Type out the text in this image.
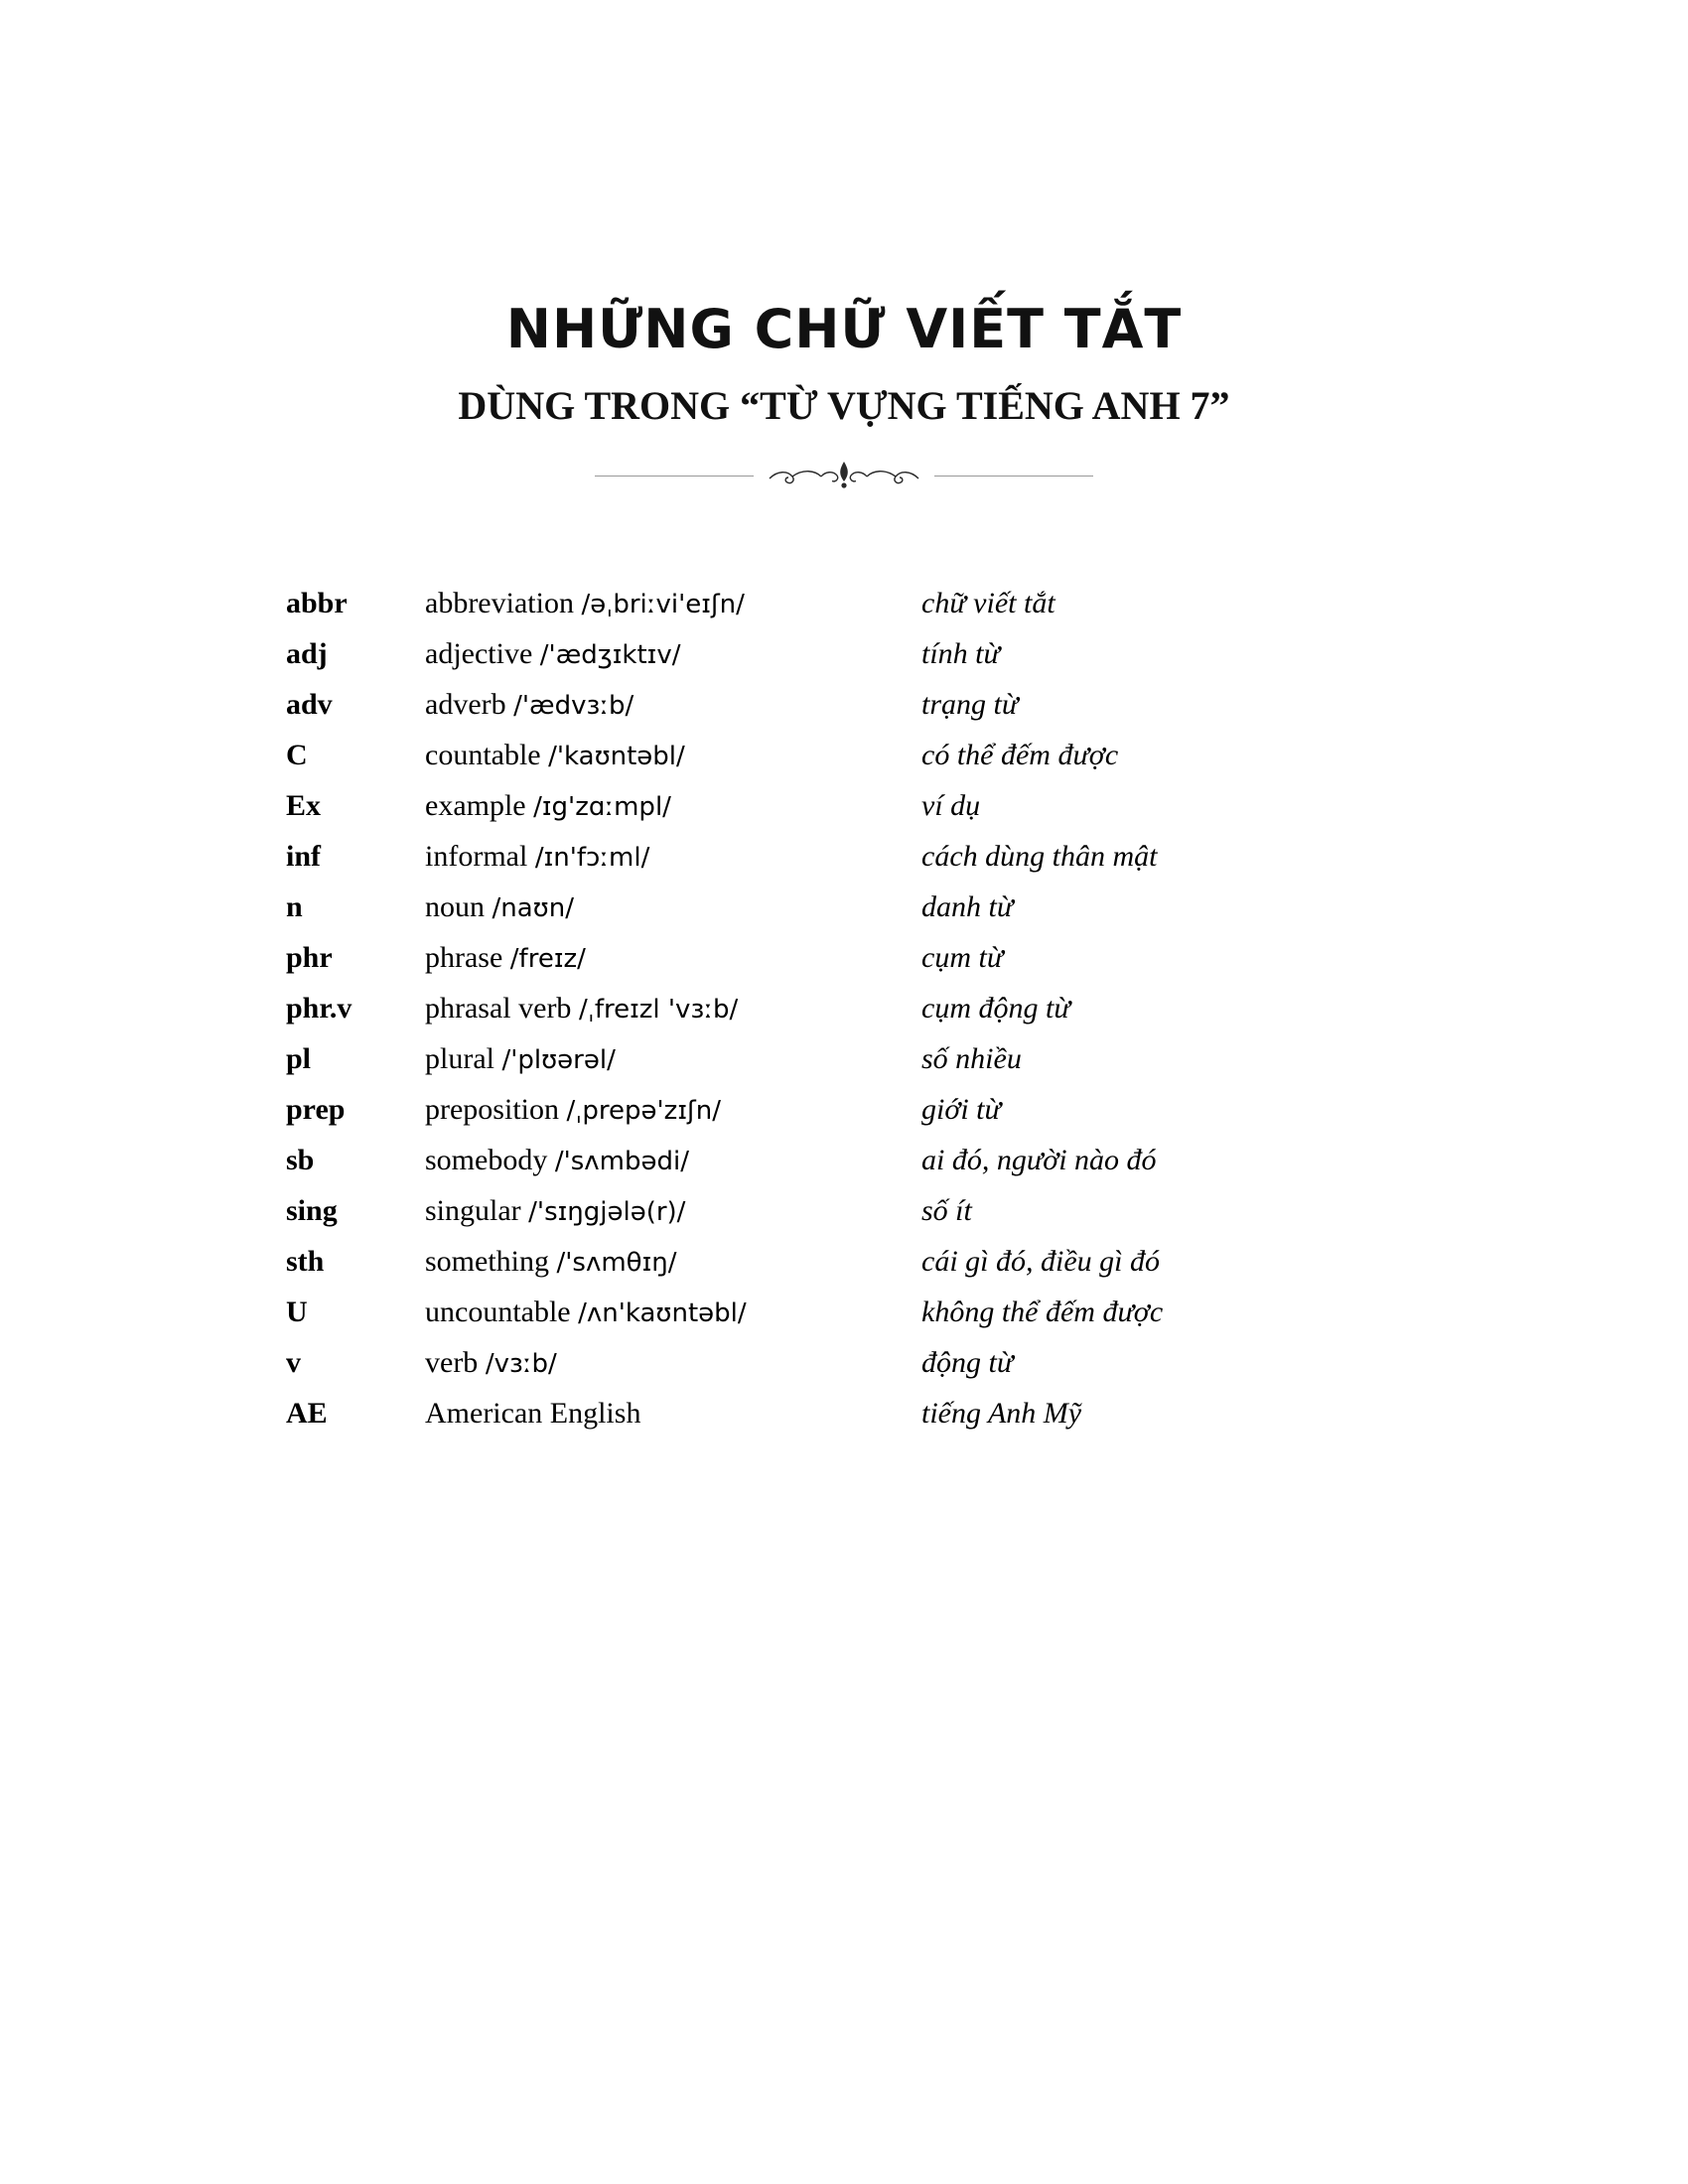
NHỮNG CHỮ VIẾT TẮT
DÙNG TRONG “TỪ VỰNG TIẾNG ANH 7”
abbr	abbreviation /əˌbriːvi'eɪʃn/	chữ viết tắt
adj	adjective /'ædʒɪktɪv/	tính từ
adv	adverb /'ædvɜːb/	trạng từ
C	countable /'kaʊntəbl/	có thể đếm được
Ex	example /ɪg'zɑːmpl/	ví dụ
inf	informal /ɪn'fɔːml/	cách dùng thân mật
n	noun /naʊn/	danh từ
phr	phrase /freɪz/	cụm từ
phr.v	phrasal verb /ˌfreɪzl 'vɜːb/	cụm động từ
pl	plural /'plʊərəl/	số nhiều
prep	preposition /ˌprepə'zɪʃn/	giới từ
sb	somebody /'sʌmbədi/	ai đó, người nào đó
sing	singular /'sɪŋgjələ(r)/	số ít
sth	something /'sʌmθɪŋ/	cái gì đó, điều gì đó
U	uncountable /ʌn'kaʊntəbl/	không thể đếm được
v	verb /vɜːb/	động từ
AE	American English	tiếng Anh Mỹ
